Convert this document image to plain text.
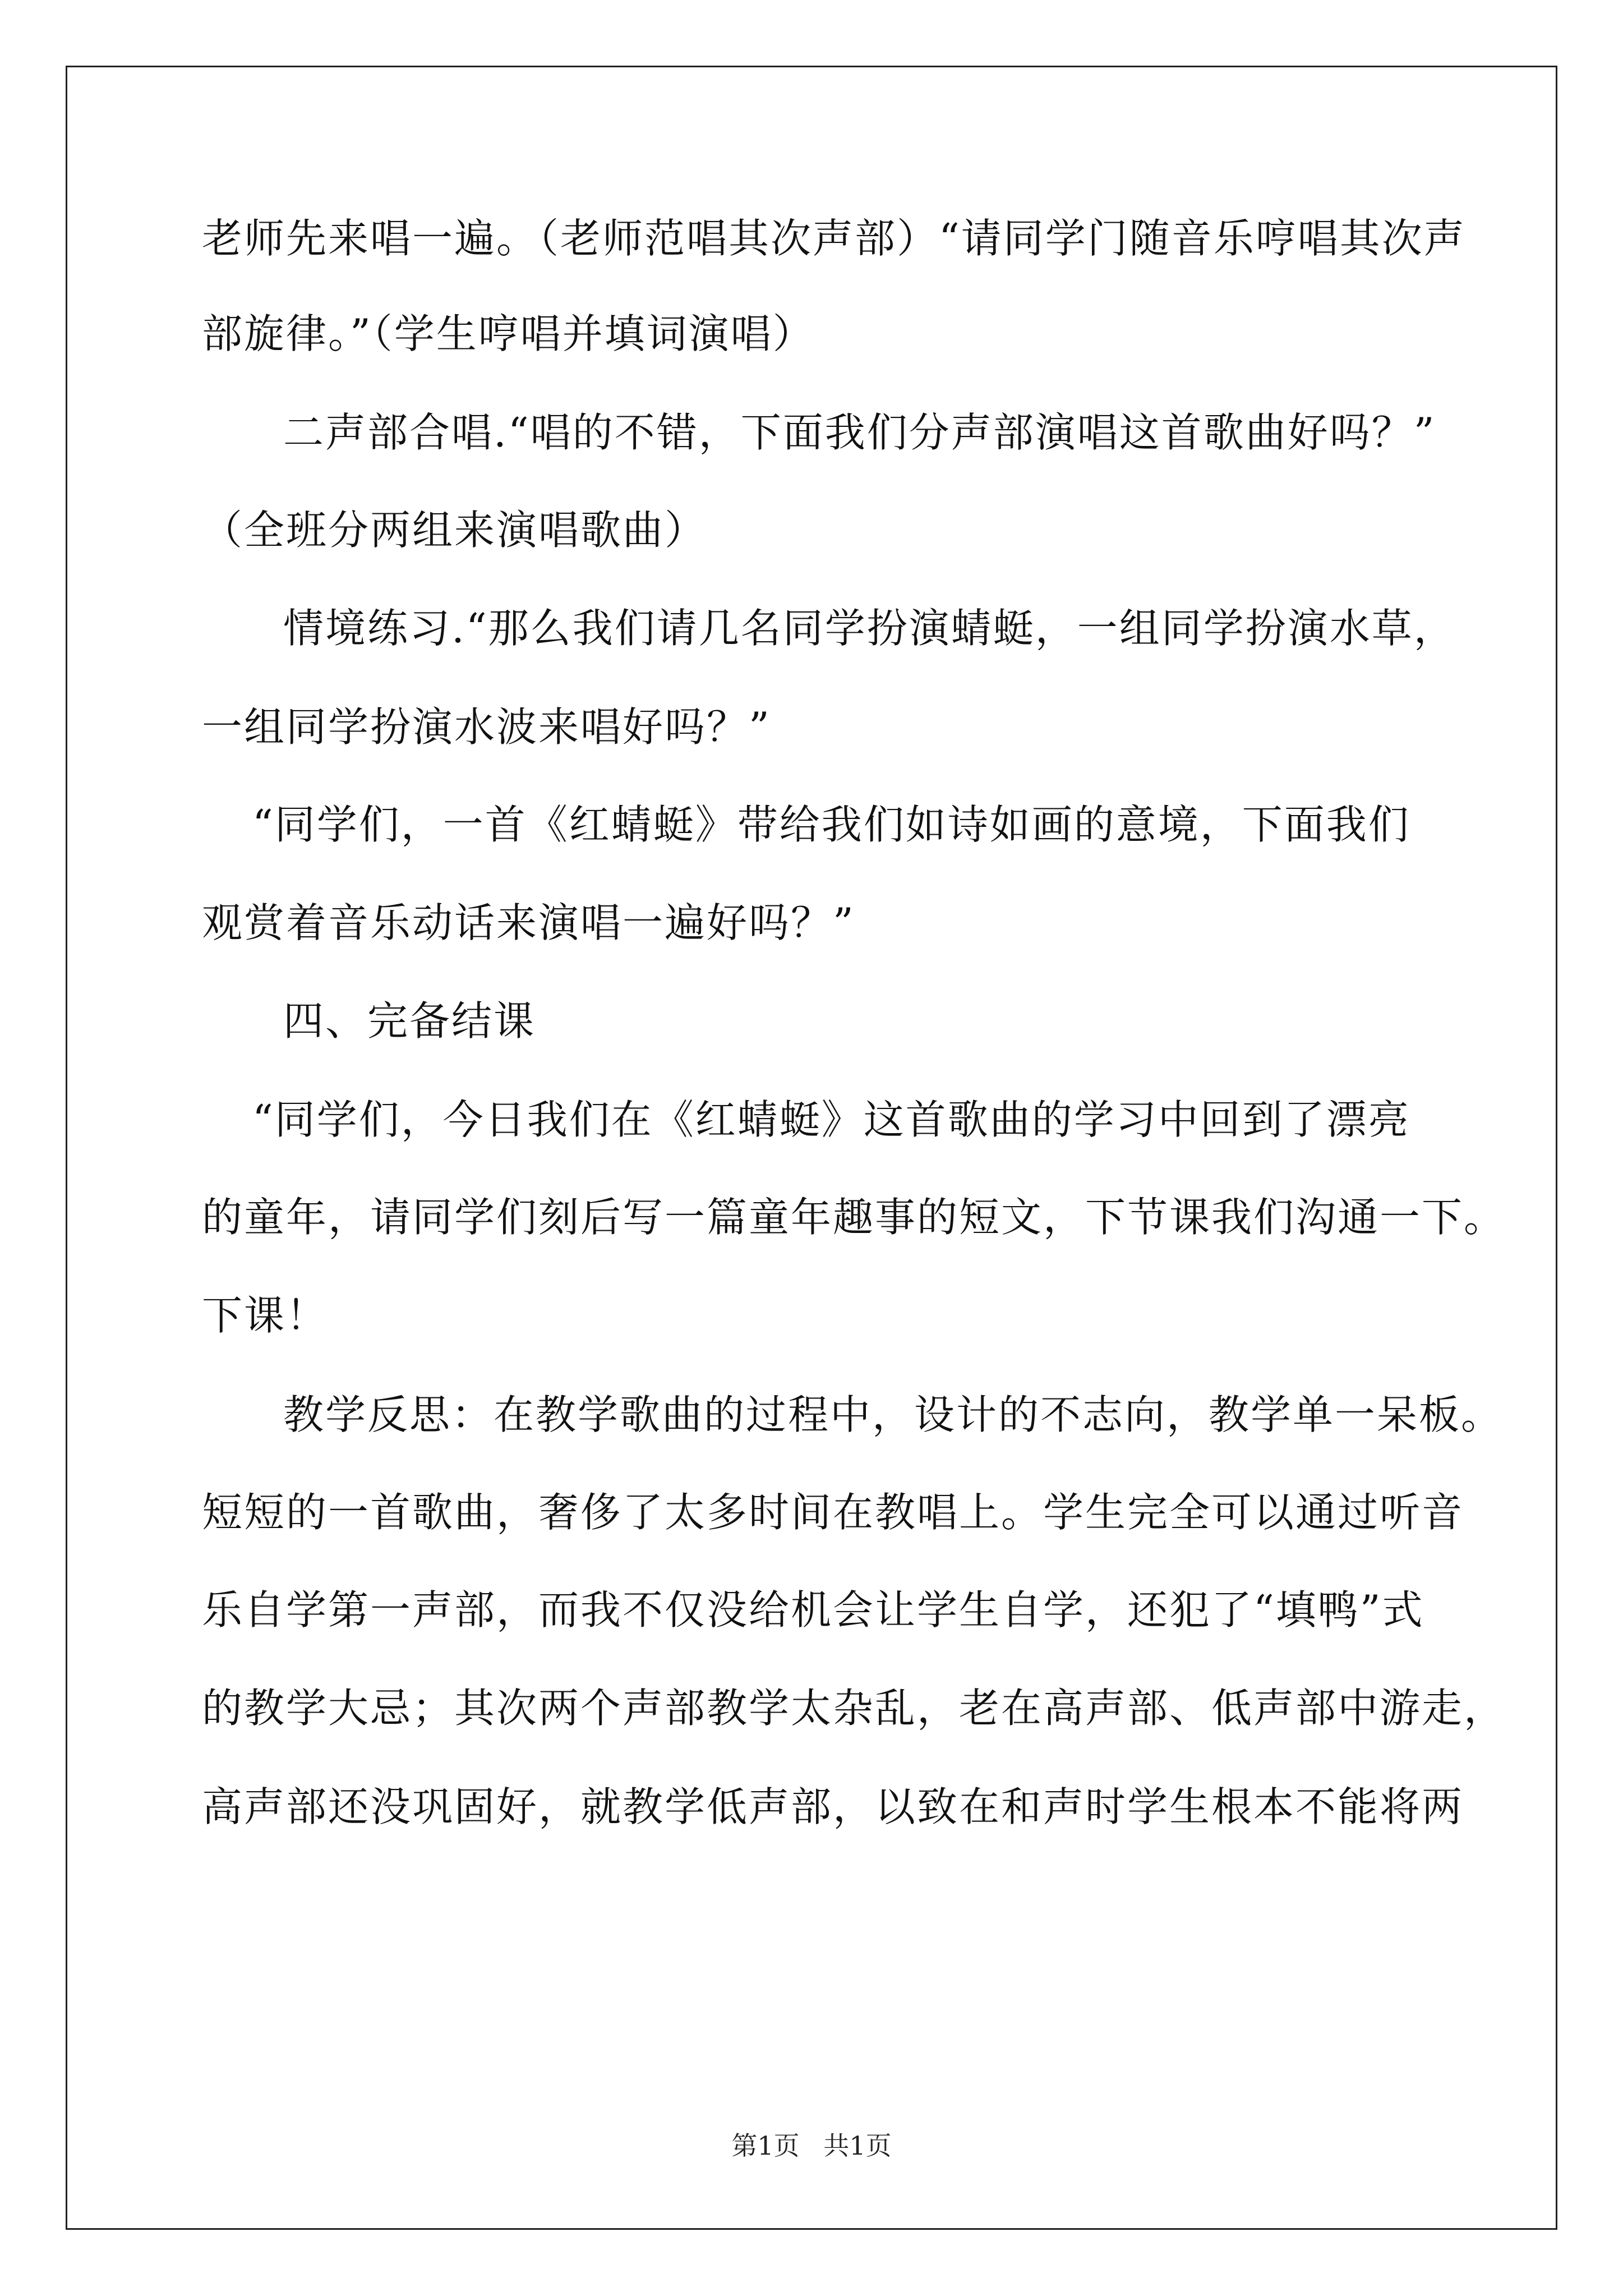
老师先来唱一遍。（老师范唱其次声部）“请同学门随音乐哼唱其次声
部旋律。”（学生哼唱并填词演唱）
二声部合唱.“唱的不错，下面我们分声部演唱这首歌曲好吗？”
（全班分两组来演唱歌曲）
情境练习.“那么我们请几名同学扮演蜻蜓，一组同学扮演水草，
一组同学扮演水波来唱好吗？”
“同学们，一首《红蜻蜓》带给我们如诗如画的意境，下面我们
观赏着音乐动话来演唱一遍好吗？”
四、完备结课
“同学们，今日我们在《红蜻蜓》这首歌曲的学习中回到了漂亮
的童年，请同学们刻后写一篇童年趣事的短文，下节课我们沟通一下。
下课！
教学反思：在教学歌曲的过程中，设计的不志向，教学单一呆板。
短短的一首歌曲，奢侈了太多时间在教唱上。学生完全可以通过听音
乐自学第一声部，而我不仅没给机会让学生自学，还犯了“填鸭”式
的教学大忌；其次两个声部教学太杂乱，老在高声部、低声部中游走，
高声部还没巩固好，就教学低声部，以致在和声时学生根本不能将两
第1页 共1页
